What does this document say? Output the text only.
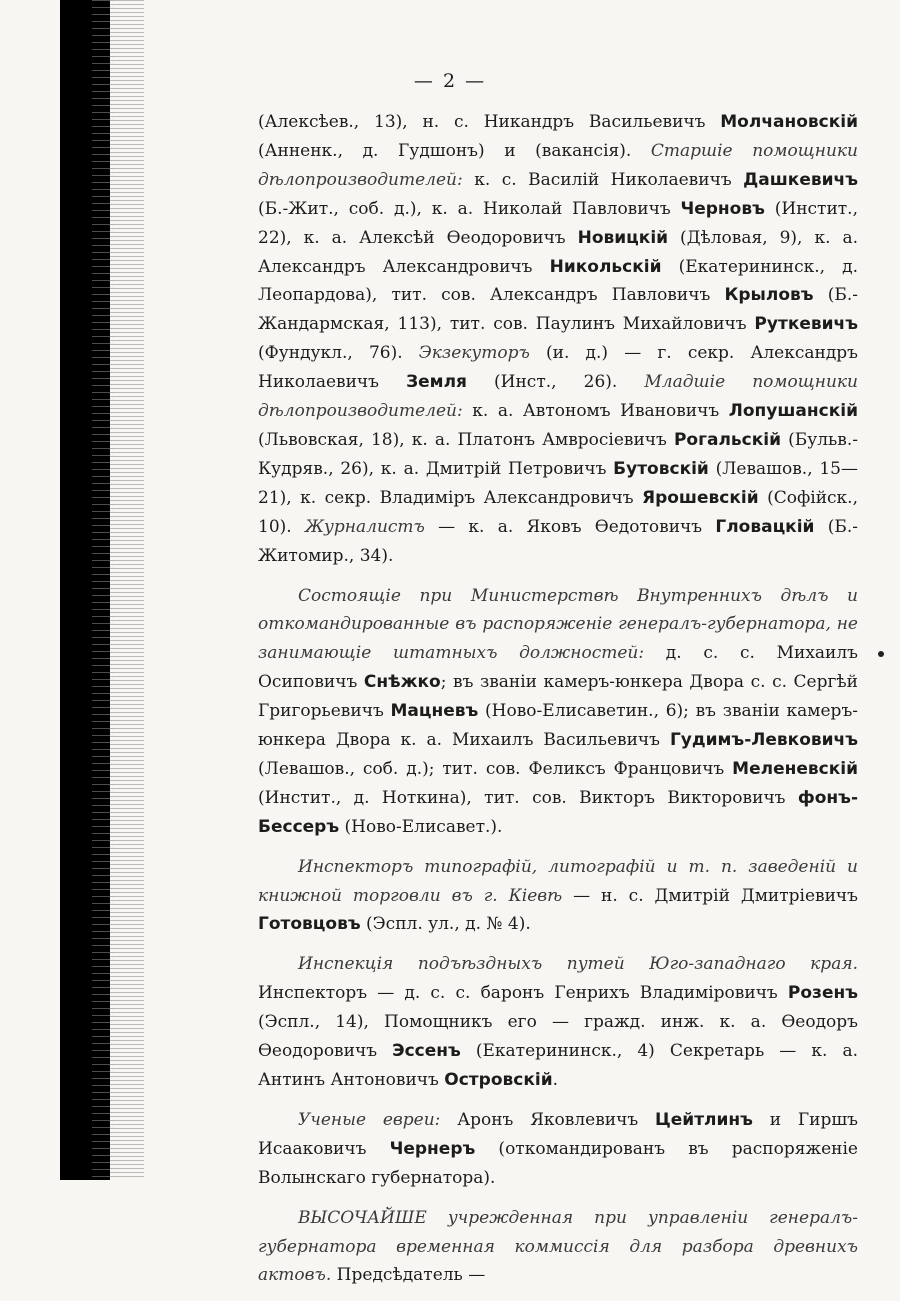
— 2 —

(Алексѣев., 13), н. с. Никандръ Васильевичъ Молчановскій (Анненк., д. Гудшонъ) и (вакансія). Старшіе помощники дѣлопроизводителей: к. с. Василій Николаевичъ Дашкевичъ (Б.-Жит., соб. д.), к. а. Николай Павловичъ Черновъ (Инстит., 22), к. а. Алексѣй Ѳеодоровичъ Новицкій (Дѣловая, 9), к. а. Александръ Александровичъ Никольскій (Екатерининск., д. Леопардова), тит. сов. Александръ Павловичъ Крыловъ (Б.-Жандармская, 113), тит. сов. Паулинъ Михайловичъ Руткевичъ (Фундукл., 76). Экзекуторъ (и. д.) — г. секр. Александръ Николаевичъ Земля (Инст., 26). Младшіе помощники дѣлопроизводителей: к. а. Автономъ Ивановичъ Лопушанскій (Львовская, 18), к. а. Платонъ Амвросіевичъ Рогальскій (Бульв.-Кудряв., 26), к. а. Дмитрій Петровичъ Бутовскій (Левашов., 15—21), к. секр. Владиміръ Александровичъ Ярошевскій (Софійск., 10). Журналистъ — к. а. Яковъ Ѳедотовичъ Гловацкій (Б.-Житомир., 34).

Состоящіе при Министерствѣ Внутреннихъ дѣлъ и откомандированные въ распоряженіе генералъ-губернатора, не занимающіе штатныхъ должностей: д. с. с. Михаилъ Осиповичъ Снѣжко; въ званіи камеръ-юнкера Двора с. с. Сергѣй Григорьевичъ Мацневъ (Ново-Елисаветин., 6); въ званіи камеръ-юнкера Двора к. а. Михаилъ Васильевичъ Гудимъ-Левковичъ (Левашов., соб. д.); тит. сов. Феликсъ Францовичъ Меленевскій (Инстит., д. Ноткина), тит. сов. Викторъ Викторовичъ фонъ-Бессеръ (Ново-Елисавет.).

Инспекторъ типографій, литографій и т. п. заведеній и книжной торговли въ г. Кіевѣ — н. с. Дмитрій Дмитріевичъ Готовцовъ (Эспл. ул., д. № 4).

Инспекція подъѣздныхъ путей Юго-западнаго края. Инспекторъ — д. с. с. баронъ Генрихъ Владиміровичъ Розенъ (Эспл., 14), Помощникъ его — гражд. инж. к. а. Ѳеодоръ Ѳеодоровичъ Эссенъ (Екатерининск., 4) Секретарь — к. а. Антинъ Антоновичъ Островскій.

Ученые евреи: Аронъ Яковлевичъ Цейтлинъ и Гиршъ Исааковичъ Чернеръ (откомандированъ въ распоряженіе Волынскаго губернатора).

ВЫСОЧАЙШЕ учрежденная при управленіи генералъ-губернатора временная коммиссія для разбора древнихъ актовъ. Предсѣдатель —
